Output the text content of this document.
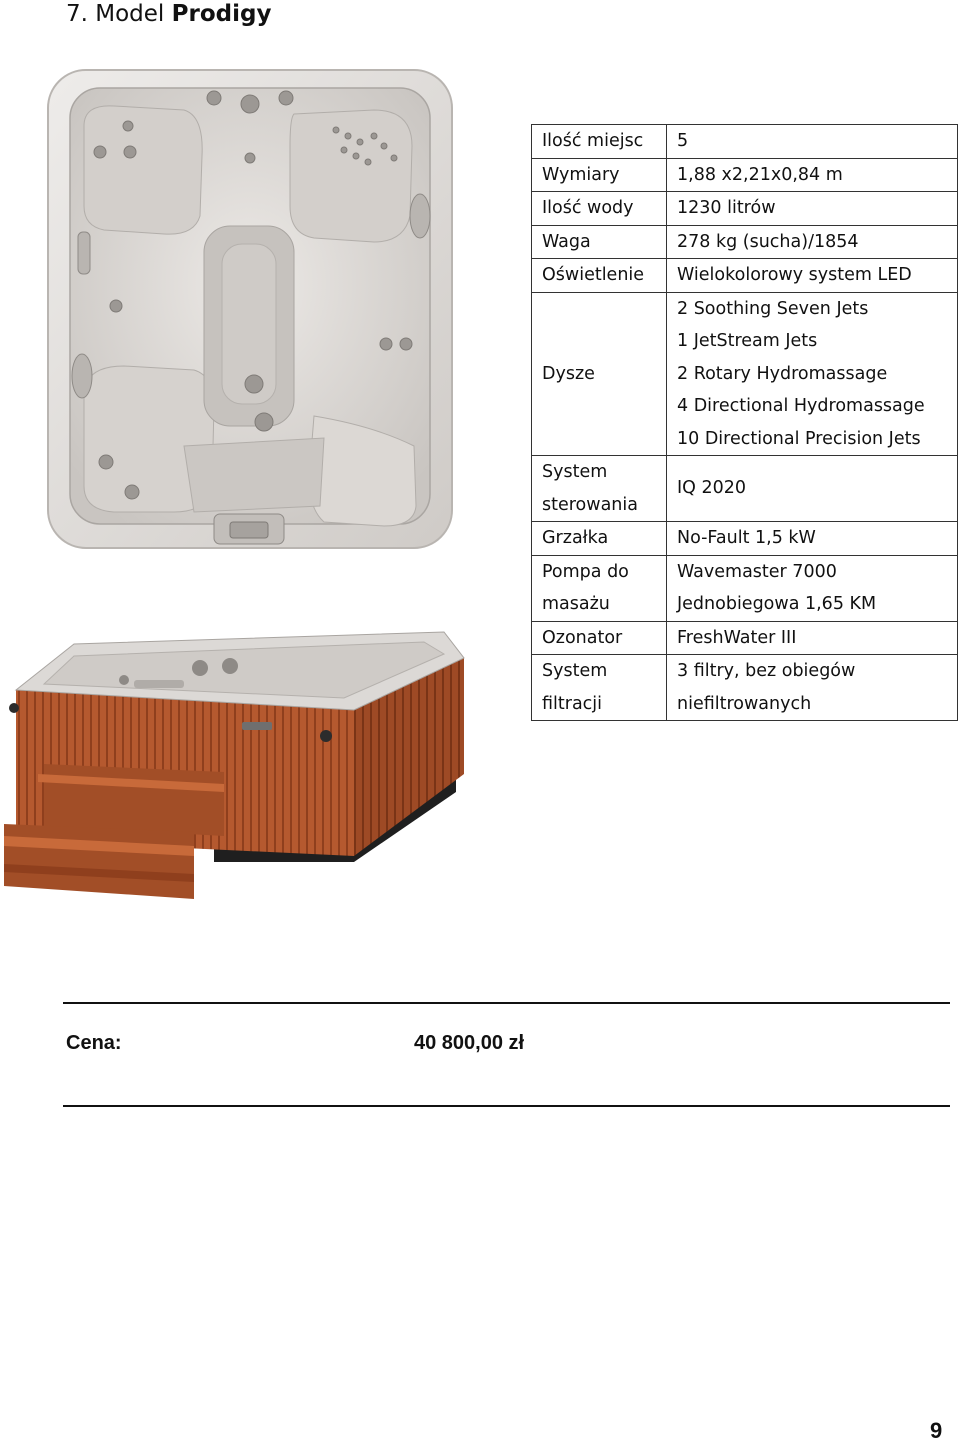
7. Model Prodigy
Ilość miejsc	5

Wymiary	1,88 x2,21x0,84 m

Ilość wody	1230 litrów

Waga	278 kg (sucha)/1854

Oświetlenie	Wielokolorowy system LED

Dysze	2 Soothing Seven Jets
1 JetStream Jets
2 Rotary Hydromassage
4 Directional Hydromassage
10 Directional Precision Jets

System
sterowania	IQ 2020

Grzałka	No-Fault 1,5 kW

Pompa do
masażu	Wavemaster 7000
Jednobiegowa 1,65 KM

Ozonator	FreshWater III

System
filtracji	3 filtry, bez obiegów
niefiltrowanych
Cena:	40 800,00 zł
9
